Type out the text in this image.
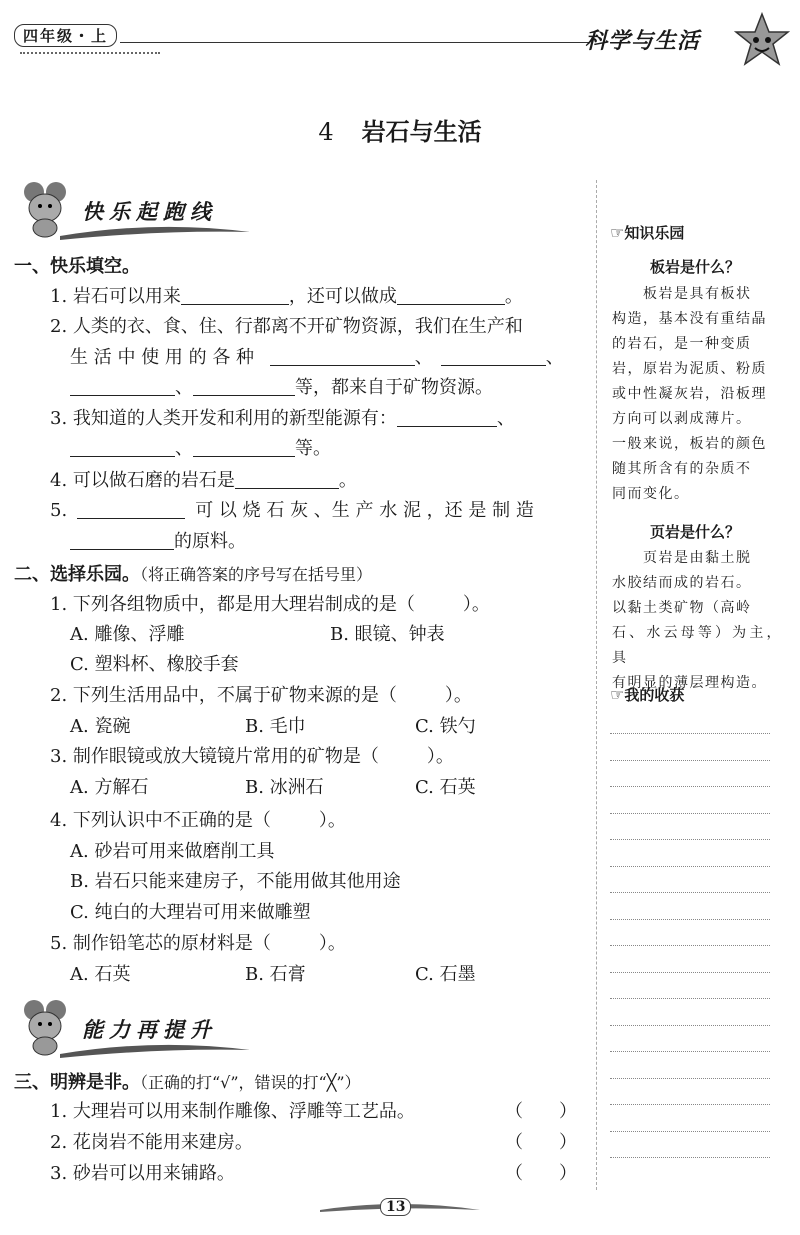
四年级・上	科学与生活
4 岩石与生活
快乐起跑线
一、快乐填空。
1. 岩石可以用来	，还可以做成	。
2. 人类的衣、食、住、行都离不开矿物资源，我们在生产和
生 活 中 使 用 的 各 种	、	、
、	等，都来自于矿物资源。
3. 我知道的人类开发和利用的新型能源有：	、
、	等。
4. 可以做石磨的岩石是	。
5.	可 以 烧 石 灰 、生 产 水 泥 ，还 是 制 造
的原料。
二、选择乐园。（将正确答案的序号写在括号里）
1. 下列各组物质中，都是用大理岩制成的是（	）。
A. 雕像、浮雕	B. 眼镜、钟表
C. 塑料杯、橡胶手套
2. 下列生活用品中，不属于矿物来源的是（	）。
A. 瓷碗	B. 毛巾	C. 铁勺
3. 制作眼镜或放大镜镜片常用的矿物是（	）。
A. 方解石	B. 冰洲石	C. 石英
4. 下列认识中不正确的是（	）。
A. 砂岩可用来做磨削工具
B. 岩石只能来建房子，不能用做其他用途
C. 纯白的大理岩可用来做雕塑
5. 制作铅笔芯的原材料是（	）。
A. 石英	B. 石膏	C. 石墨
能力再提升
三、明辨是非。（正确的打“√”，错误的打“╳”）
1. 大理岩可以用来制作雕像、浮雕等工艺品。	（　　）
2. 花岗岩不能用来建房。	（　　）
3. 砂岩可以用来铺路。	（　　）
☞知识乐园
板岩是什么？
　　板岩是具有板状
构造，基本没有重结晶
的岩石，是一种变质
岩，原岩为泥质、粉质
或中性凝灰岩，沿板理
方向可以剥成薄片。
一般来说，板岩的颜色
随其所含有的杂质不
同而变化。
页岩是什么？
　　页岩是由黏土脱
水胶结而成的岩石。
以黏土类矿物（高岭
石、水云母等）为主，具
有明显的薄层理构造。
☞我的收获
13
